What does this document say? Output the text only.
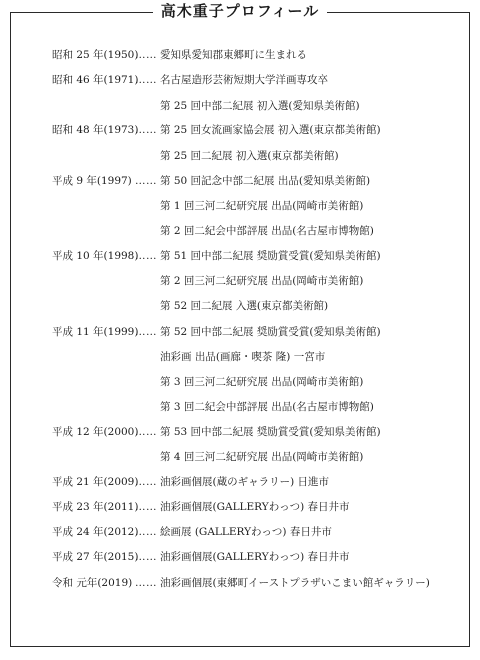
高木重子プロフィール
昭和 25 年(1950)
…… 愛知県愛知郡東郷町に生まれる
昭和 46 年(1971)
…… 名古屋造形芸術短期大学洋画専攻卒
第 25 回中部二紀展 初入選(愛知県美術館)
昭和 48 年(1973)
…… 第 25 回女流画家協会展 初入選(東京都美術館)
第 25 回二紀展 初入選(東京都美術館)
平成 9 年(1997) …… 第 50 回記念中部二紀展 出品(愛知県美術館)
第 1 回三河二紀研究展 出品(岡崎市美術館)
第 2 回二紀会中部評展 出品(名古屋市博物館)
平成 10 年(1998)
…… 第 51 回中部二紀展 奨励賞受賞(愛知県美術館)
第 2 回三河二紀研究展 出品(岡崎市美術館)
第 52 回二紀展 入選(東京都美術館)
平成 11 年(1999)
…… 第 52 回中部二紀展 奨励賞受賞(愛知県美術館)
油彩画 出品(画廊・喫茶 隆) 一宮市
第 3 回三河二紀研究展 出品(岡崎市美術館)
第 3 回二紀会中部評展 出品(名古屋市博物館)
平成 12 年(2000)
…… 第 53 回中部二紀展 奨励賞受賞(愛知県美術館)
第 4 回三河二紀研究展 出品(岡崎市美術館)
平成 21 年(2009)
…… 油彩画個展(蔵のギャラリー) 日進市
平成 23 年(2011)
…… 油彩画個展(GALLERYわっつ) 春日井市
平成 24 年(2012)
…… 絵画展 (GALLERYわっつ) 春日井市
平成 27 年(2015)
…… 油彩画個展(GALLERYわっつ) 春日井市
令和 元年(2019) …… 油彩画個展(東郷町イーストプラザいこまい館ギャラリー)
